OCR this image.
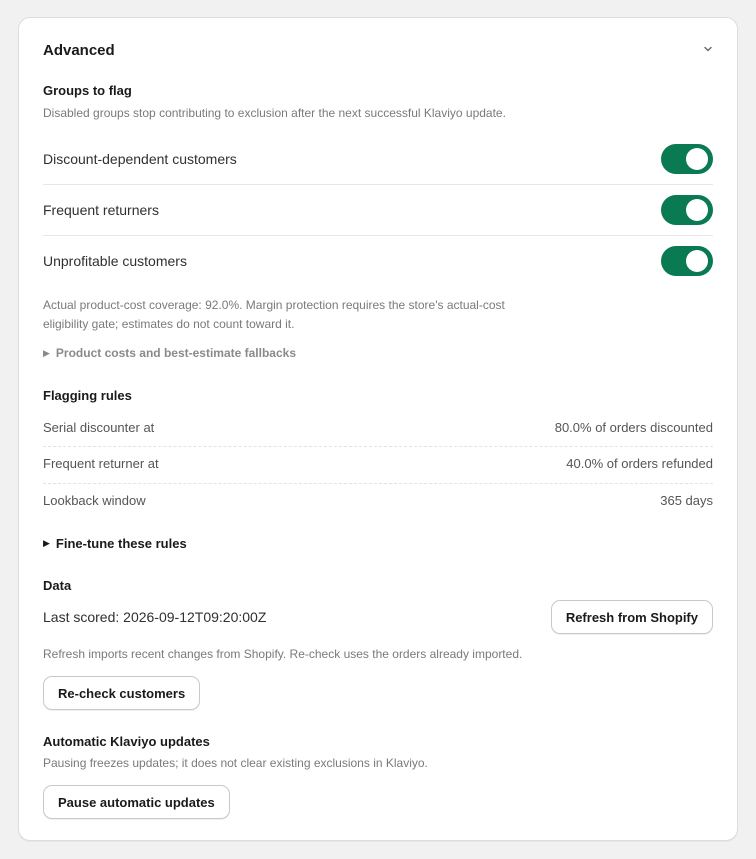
Advanced
Groups to flag
Disabled groups stop contributing to exclusion after the next successful Klaviyo update.
Discount-dependent customers
Frequent returners
Unprofitable customers
Actual product-cost coverage: 92.0%. Margin protection requires the store's actual-cost
eligibility gate; estimates do not count toward it.
▶ Product costs and best-estimate fallbacks
Flagging rules
Serial discounter at	80.0% of orders discounted
Frequent returner at	40.0% of orders refunded
Lookback window	365 days
▶ Fine-tune these rules
Data
Last scored: 2026-09-12T09:20:00Z	Refresh from Shopify
Refresh imports recent changes from Shopify. Re-check uses the orders already imported.
Re-check customers
Automatic Klaviyo updates
Pausing freezes updates; it does not clear existing exclusions in Klaviyo.
Pause automatic updates
